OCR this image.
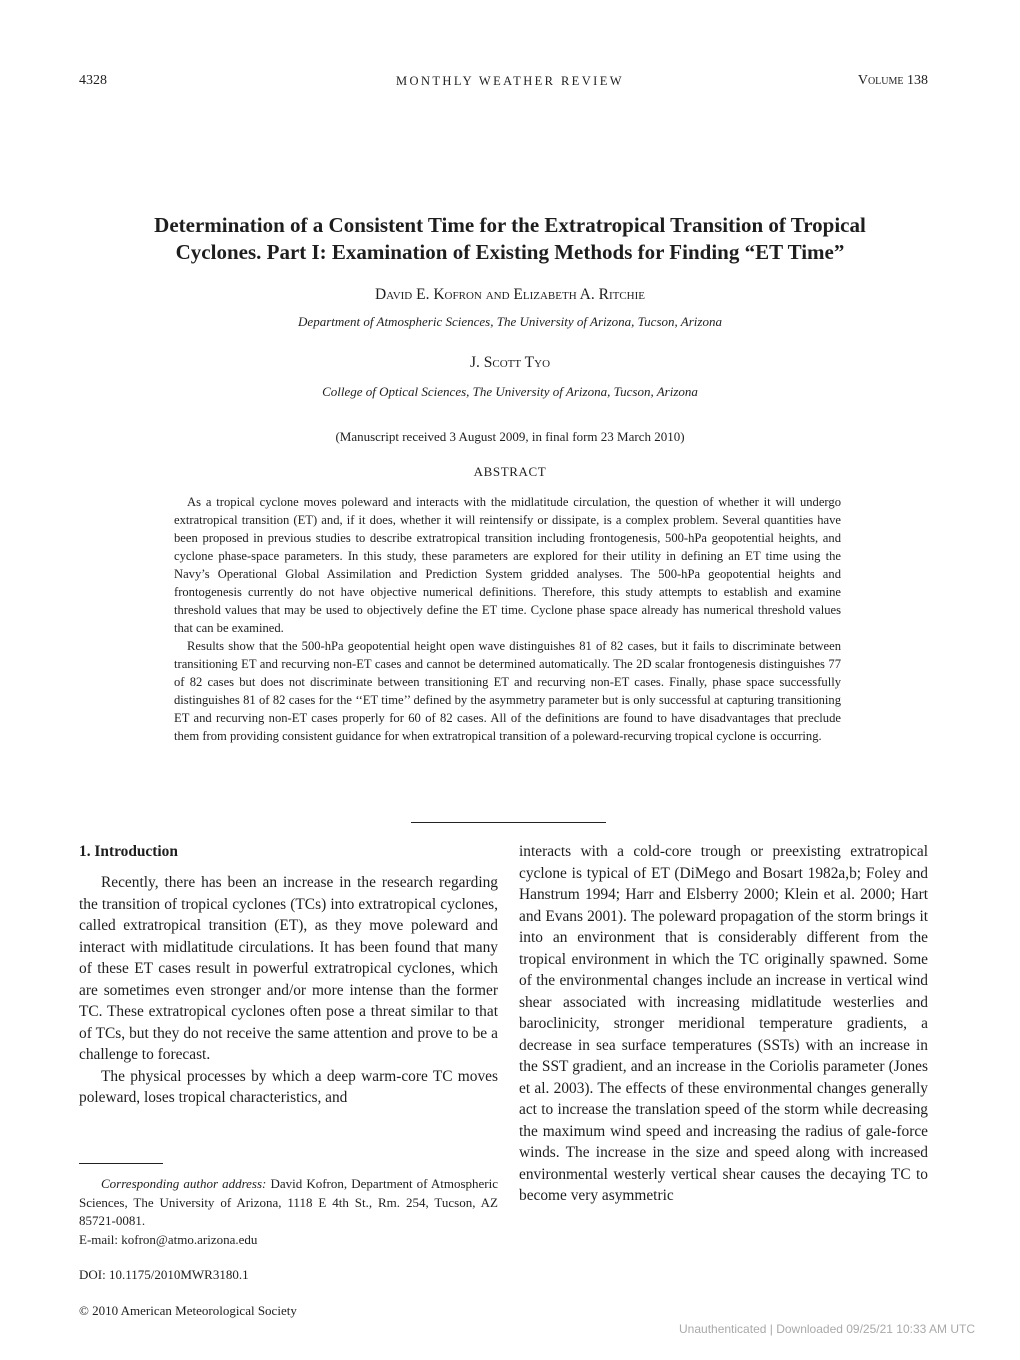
4328	MONTHLY WEATHER REVIEW	Volume 138
Determination of a Consistent Time for the Extratropical Transition of Tropical
Cyclones. Part I: Examination of Existing Methods for Finding “ET Time”
David E. Kofron and Elizabeth A. Ritchie
Department of Atmospheric Sciences, The University of Arizona, Tucson, Arizona
J. Scott Tyo
College of Optical Sciences, The University of Arizona, Tucson, Arizona
(Manuscript received 3 August 2009, in final form 23 March 2010)
ABSTRACT

As a tropical cyclone moves poleward and interacts with the midlatitude circulation, the question of whether it will undergo extratropical transition (ET) and, if it does, whether it will reintensify or dissipate, is a complex problem. Several quantities have been proposed in previous studies to describe extratropical transition including frontogenesis, 500-hPa geopotential heights, and cyclone phase-space parameters. In this study, these parameters are explored for their utility in defining an ET time using the Navy’s Operational Global Assimilation and Prediction System gridded analyses. The 500-hPa geopotential heights and frontogenesis currently do not have objective numerical definitions. Therefore, this study attempts to establish and examine threshold values that may be used to objectively define the ET time. Cyclone phase space already has numerical threshold values that can be examined.

Results show that the 500-hPa geopotential height open wave distinguishes 81 of 82 cases, but it fails to discriminate between transitioning ET and recurving non-ET cases and cannot be determined automatically. The 2D scalar frontogenesis distinguishes 77 of 82 cases but does not discriminate between transitioning ET and recurving non-ET cases. Finally, phase space successfully distinguishes 81 of 82 cases for the ‘‘ET time’’ defined by the asymmetry parameter but is only successful at capturing transitioning ET and recurving non-ET cases properly for 60 of 82 cases. All of the definitions are found to have disadvantages that preclude them from providing consistent guidance for when extratropical transition of a poleward-recurving tropical cyclone is occurring.

1. Introduction

Recently, there has been an increase in the research regarding the transition of tropical cyclones (TCs) into extratropical cyclones, called extratropical transition (ET), as they move poleward and interact with midlatitude circulations. It has been found that many of these ET cases result in powerful extratropical cyclones, which are sometimes even stronger and/or more intense than the former TC. These extratropical cyclones often pose a threat similar to that of TCs, but they do not receive the same attention and prove to be a challenge to forecast.

The physical processes by which a deep warm-core TC moves poleward, loses tropical characteristics, and

Corresponding author address: David Kofron, Department of Atmospheric Sciences, The University of Arizona, 1118 E 4th St., Rm. 254, Tucson, AZ 85721-0081.

E-mail: kofron@atmo.arizona.edu

interacts with a cold-core trough or preexisting extratropical cyclone is typical of ET (DiMego and Bosart 1982a,b; Foley and Hanstrum 1994; Harr and Elsberry 2000; Klein et al. 2000; Hart and Evans 2001). The poleward propagation of the storm brings it into an environment that is considerably different from the tropical environment in which the TC originally spawned. Some of the environmental changes include an increase in vertical wind shear associated with increasing midlatitude westerlies and baroclinicity, stronger meridional temperature gradients, a decrease in sea surface temperatures (SSTs) with an increase in the SST gradient, and an increase in the Coriolis parameter (Jones et al. 2003). The effects of these environmental changes generally act to increase the translation speed of the storm while decreasing the maximum wind speed and increasing the radius of gale-force winds. The increase in the size and speed along with increased environmental westerly vertical shear causes the decaying TC to become very asymmetric

DOI: 10.1175/2010MWR3180.1
© 2010 American Meteorological Society
Unauthenticated | Downloaded 09/25/21 10:33 AM UTC
